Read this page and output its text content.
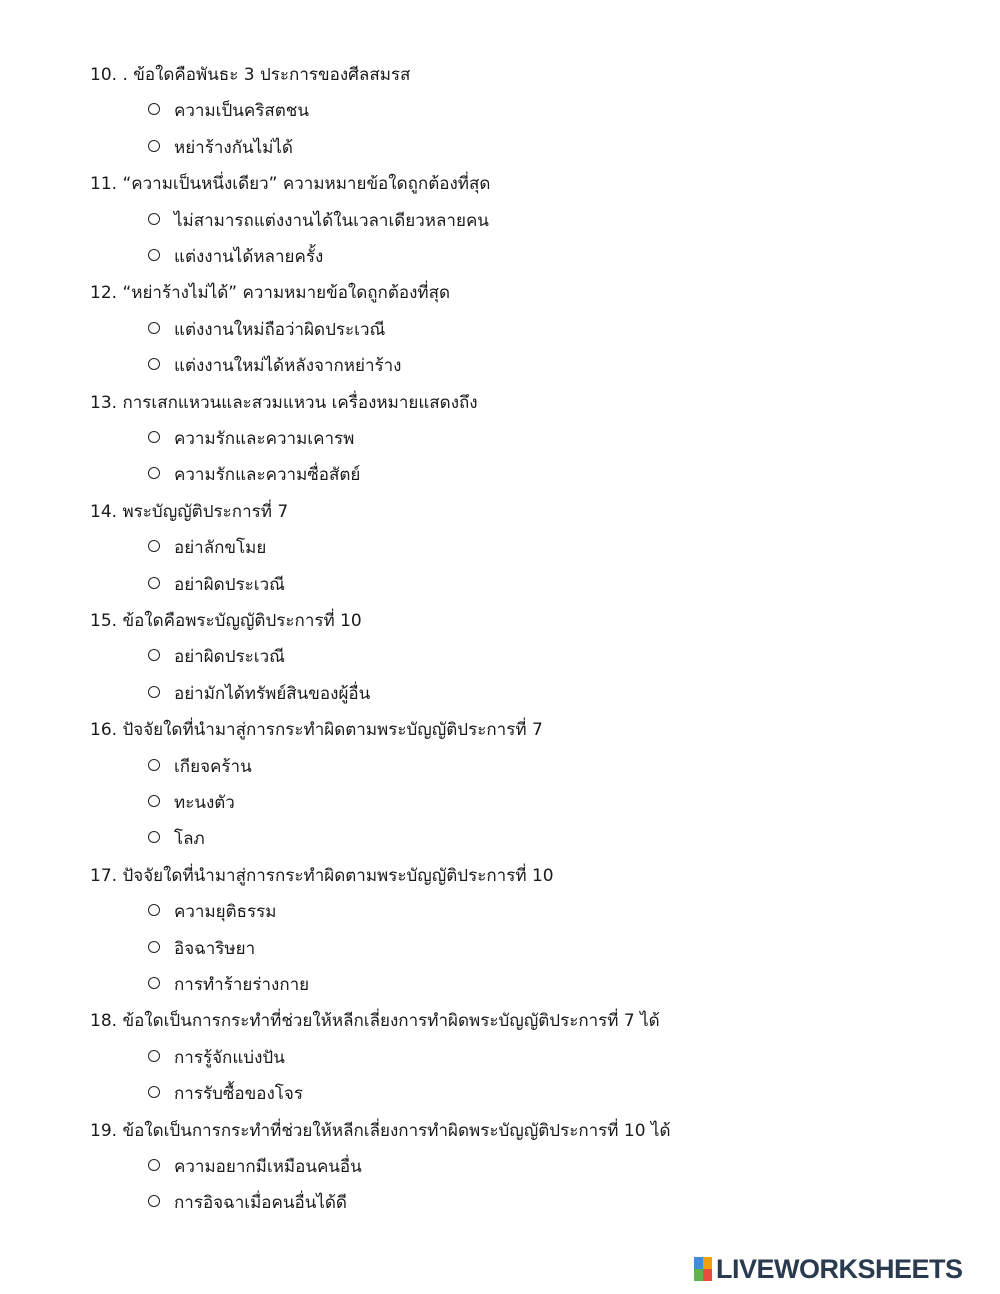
10. . ข้อใดคือพันธะ 3 ประการของศีลสมรส
ความเป็นคริสตชน
หย่าร้างกันไม่ได้
11. “ความเป็นหนึ่งเดียว” ความหมายข้อใดถูกต้องที่สุด
ไม่สามารถแต่งงานได้ในเวลาเดียวหลายคน
แต่งงานได้หลายครั้ง
12. “หย่าร้างไม่ได้” ความหมายข้อใดถูกต้องที่สุด
แต่งงานใหม่ถือว่าผิดประเวณี
แต่งงานใหม่ได้หลังจากหย่าร้าง
13. การเสกแหวนและสวมแหวน เครื่องหมายแสดงถึง
ความรักและความเคารพ
ความรักและความซื่อสัตย์
14. พระบัญญัติประการที่ 7
อย่าลักขโมย
อย่าผิดประเวณี
15. ข้อใดคือพระบัญญัติประการที่ 10
อย่าผิดประเวณี
อย่ามักได้ทรัพย์สินของผู้อื่น
16. ปัจจัยใดที่นำมาสู่การกระทำผิดตามพระบัญญัติประการที่ 7
เกียจคร้าน
ทะนงตัว
โลภ
17. ปัจจัยใดที่นำมาสู่การกระทำผิดตามพระบัญญัติประการที่ 10
ความยุติธรรม
อิจฉาริษยา
การทำร้ายร่างกาย
18. ข้อใดเป็นการกระทำที่ช่วยให้หลีกเลี่ยงการทำผิดพระบัญญัติประการที่ 7 ได้
การรู้จักแบ่งปัน
การรับซื้อของโจร
19. ข้อใดเป็นการกระทำที่ช่วยให้หลีกเลี่ยงการทำผิดพระบัญญัติประการที่ 10 ได้
ความอยากมีเหมือนคนอื่น
การอิจฉาเมื่อคนอื่นได้ดี
LIVEWORKSHEETS
